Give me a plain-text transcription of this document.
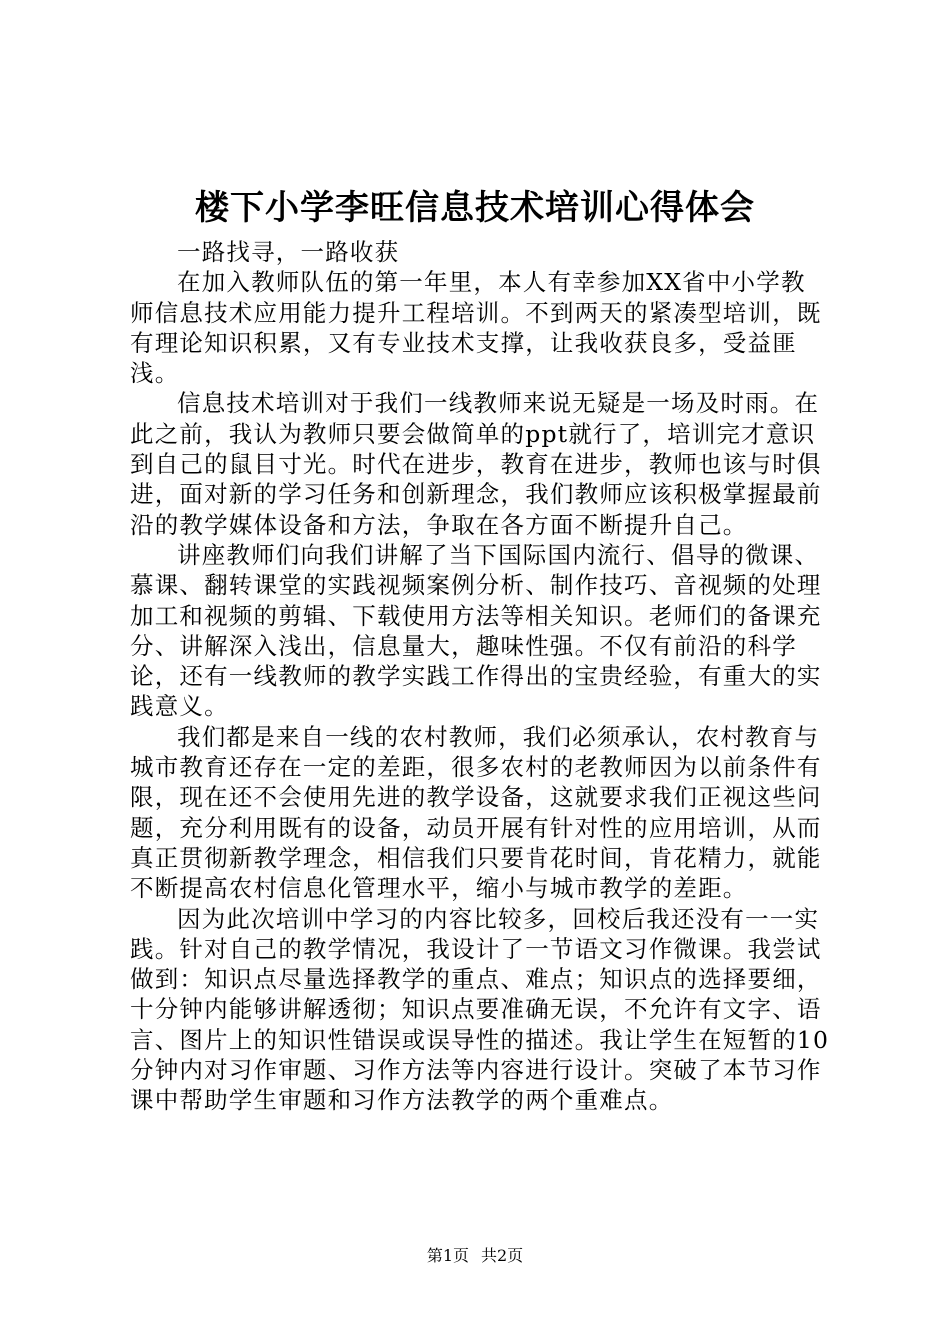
楼下小学李旺信息技术培训心得体会

一路找寻，一路收获

在加入教师队伍的第一年里，本人有幸参加XX省中小学教师信息技术应用能力提升工程培训。不到两天的紧凑型培训，既有理论知识积累，又有专业技术支撑，让我收获良多，受益匪浅。

信息技术培训对于我们一线教师来说无疑是一场及时雨。在此之前，我认为教师只要会做简单的ppt就行了，培训完才意识到自己的鼠目寸光。时代在进步，教育在进步，教师也该与时俱进，面对新的学习任务和创新理念，我们教师应该积极掌握最前沿的教学媒体设备和方法，争取在各方面不断提升自己。

讲座教师们向我们讲解了当下国际国内流行、倡导的微课、慕课、翻转课堂的实践视频案例分析、制作技巧、音视频的处理加工和视频的剪辑、下载使用方法等相关知识。老师们的备课充分、讲解深入浅出，信息量大，趣味性强。不仅有前沿的科学论，还有一线教师的教学实践工作得出的宝贵经验，有重大的实践意义。

我们都是来自一线的农村教师，我们必须承认，农村教育与城市教育还存在一定的差距，很多农村的老教师因为以前条件有限，现在还不会使用先进的教学设备，这就要求我们正视这些问题，充分利用既有的设备，动员开展有针对性的应用培训，从而真正贯彻新教学理念，相信我们只要肯花时间，肯花精力，就能不断提高农村信息化管理水平，缩小与城市教学的差距。

因为此次培训中学习的内容比较多，回校后我还没有一一实践。针对自己的教学情况，我设计了一节语文习作微课。我尝试做到：知识点尽量选择教学的重点、难点；知识点的选择要细，十分钟内能够讲解透彻；知识点要准确无误，不允许有文字、语言、图片上的知识性错误或误导性的描述。我让学生在短暂的10分钟内对习作审题、习作方法等内容进行设计。突破了本节习作课中帮助学生审题和习作方法教学的两个重难点。

第1页 共2页
